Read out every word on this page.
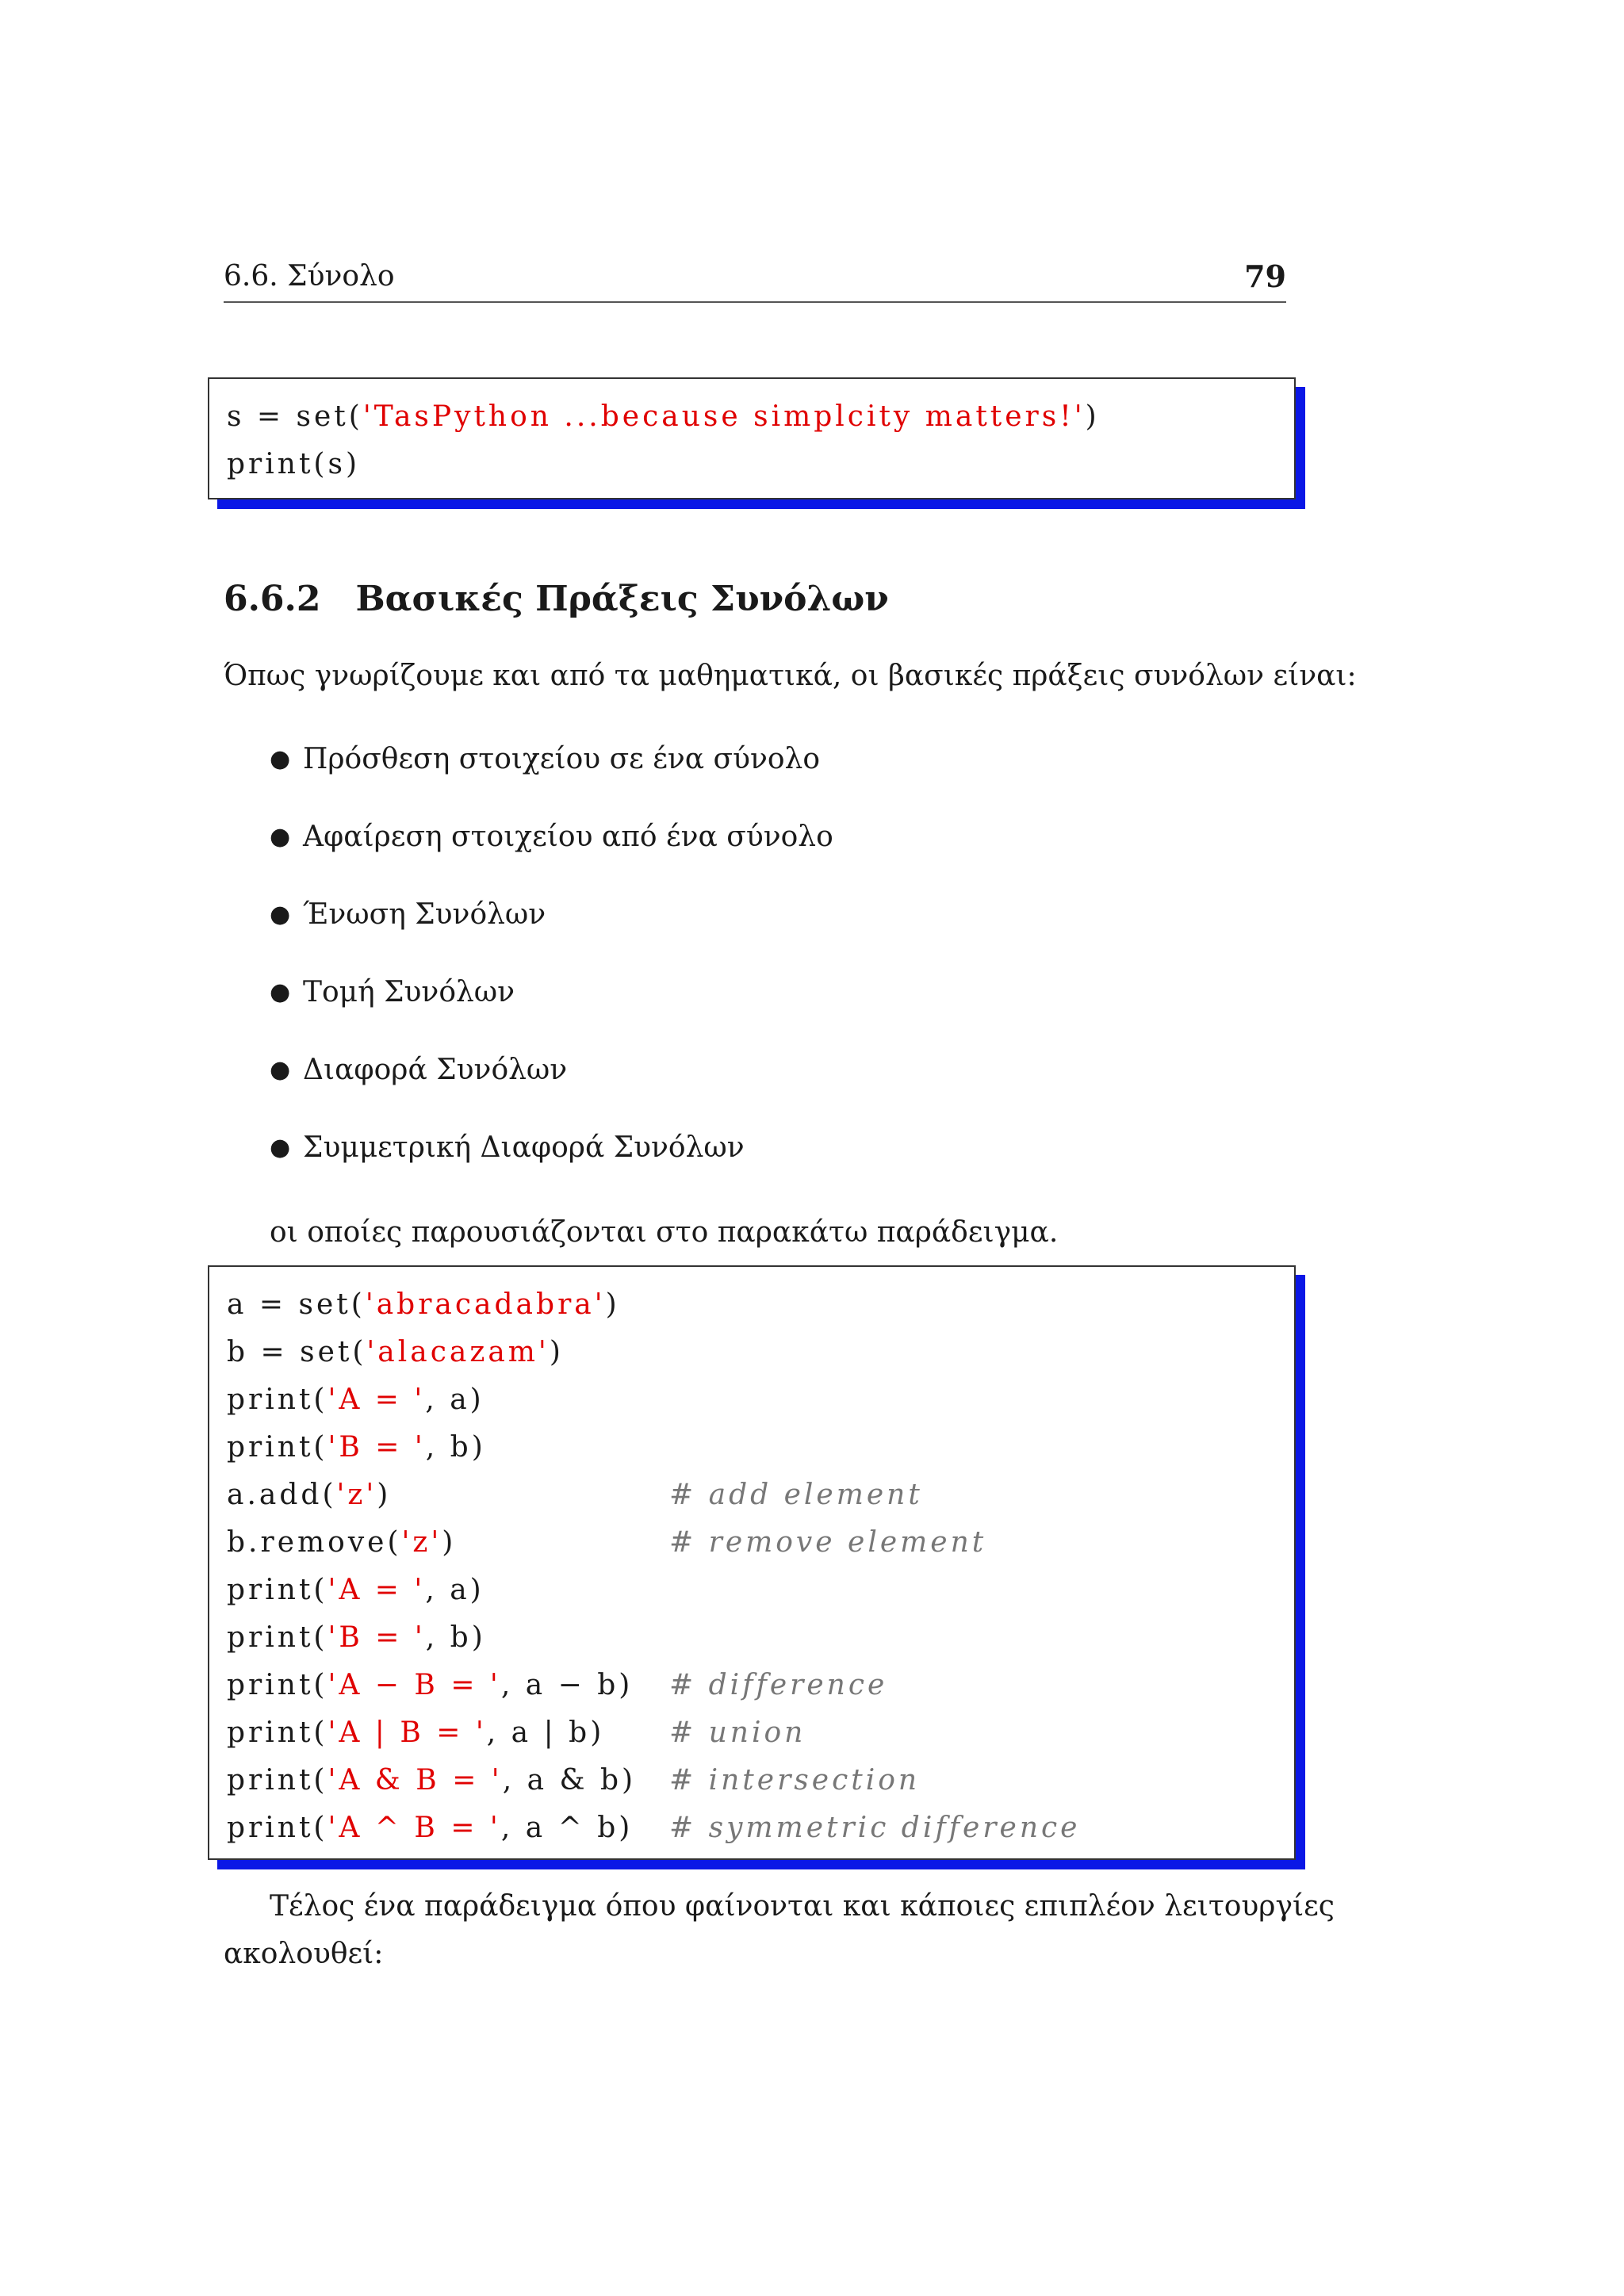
6.6. Σύνολο	79
s = set('TasPython ...because simplcity matters!')
print(s)
6.6.2 Βασικές Πράξεις Συνόλων
Όπως γνωρίζουμε και από τα μαθηματικά, οι βασικές πράξεις συνόλων είναι:
● Πρόσθεση στοιχείου σε ένα σύνολο
● Αφαίρεση στοιχείου από ένα σύνολο
● Ένωση Συνόλων
● Τομή Συνόλων
● Διαφορά Συνόλων
● Συμμετρική Διαφορά Συνόλων
οι οποίες παρουσιάζονται στο παρακάτω παράδειγμα.
a = set('abracadabra')
b = set('alacazam')
print('A = ', a)
print('B = ', b)
a.add('z')	# add element
b.remove('z')	# remove element
print('A = ', a)
print('B = ', b)
print('A − B = ', a − b) # difference
print('A | B = ', a | b) # union
print('A & B = ', a & b) # intersection
print('A ^ B = ', a ^ b) # symmetric difference
Τέλος ένα παράδειγμα όπου φαίνονται και κάποιες επιπλέον λειτουργίες
ακολουθεί:
